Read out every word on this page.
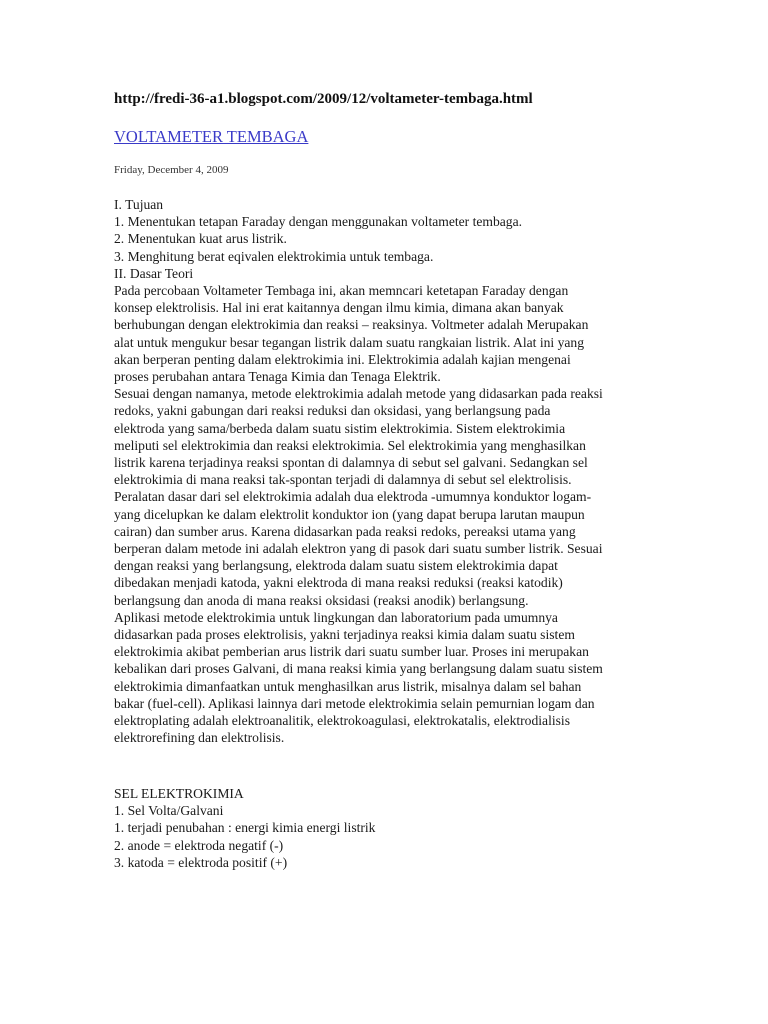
http://fredi-36-a1.blogspot.com/2009/12/voltameter-tembaga.html
VOLTAMETER TEMBAGA
Friday, December 4, 2009
I. Tujuan
1. Menentukan tetapan Faraday dengan menggunakan voltameter tembaga.
2. Menentukan kuat arus listrik.
3. Menghitung berat eqivalen elektrokimia untuk tembaga.
II. Dasar Teori
Pada percobaan Voltameter Tembaga ini, akan memncari ketetapan Faraday dengan
konsep elektrolisis. Hal ini erat kaitannya dengan ilmu kimia, dimana akan banyak
berhubungan dengan elektrokimia dan reaksi – reaksinya. Voltmeter adalah Merupakan
alat untuk mengukur besar tegangan listrik dalam suatu rangkaian listrik. Alat ini yang
akan berperan penting dalam elektrokimia ini. Elektrokimia adalah kajian mengenai
proses perubahan antara Tenaga Kimia dan Tenaga Elektrik.
Sesuai dengan namanya, metode elektrokimia adalah metode yang didasarkan pada reaksi
redoks, yakni gabungan dari reaksi reduksi dan oksidasi, yang berlangsung pada
elektroda yang sama/berbeda dalam suatu sistim elektrokimia. Sistem elektrokimia
meliputi sel elektrokimia dan reaksi elektrokimia. Sel elektrokimia yang menghasilkan
listrik karena terjadinya reaksi spontan di dalamnya di sebut sel galvani. Sedangkan sel
elektrokimia di mana reaksi tak-spontan terjadi di dalamnya di sebut sel elektrolisis.
Peralatan dasar dari sel elektrokimia adalah dua elektroda -umumnya konduktor logam-
yang dicelupkan ke dalam elektrolit konduktor ion (yang dapat berupa larutan maupun
cairan) dan sumber arus. Karena didasarkan pada reaksi redoks, pereaksi utama yang
berperan dalam metode ini adalah elektron yang di pasok dari suatu sumber listrik. Sesuai
dengan reaksi yang berlangsung, elektroda dalam suatu sistem elektrokimia dapat
dibedakan menjadi katoda, yakni elektroda di mana reaksi reduksi (reaksi katodik)
berlangsung dan anoda di mana reaksi oksidasi (reaksi anodik) berlangsung.
Aplikasi metode elektrokimia untuk lingkungan dan laboratorium pada umumnya
didasarkan pada proses elektrolisis, yakni terjadinya reaksi kimia dalam suatu sistem
elektrokimia akibat pemberian arus listrik dari suatu sumber luar. Proses ini merupakan
kebalikan dari proses Galvani, di mana reaksi kimia yang berlangsung dalam suatu sistem
elektrokimia dimanfaatkan untuk menghasilkan arus listrik, misalnya dalam sel bahan
bakar (fuel-cell). Aplikasi lainnya dari metode elektrokimia selain pemurnian logam dan
elektroplating adalah elektroanalitik, elektrokoagulasi, elektrokatalis, elektrodialisis
elektrorefining dan elektrolisis.
SEL ELEKTROKIMIA
1. Sel Volta/Galvani
1. terjadi penubahan : energi kimia energi listrik
2. anode = elektroda negatif (-)
3. katoda = elektroda positif (+)
